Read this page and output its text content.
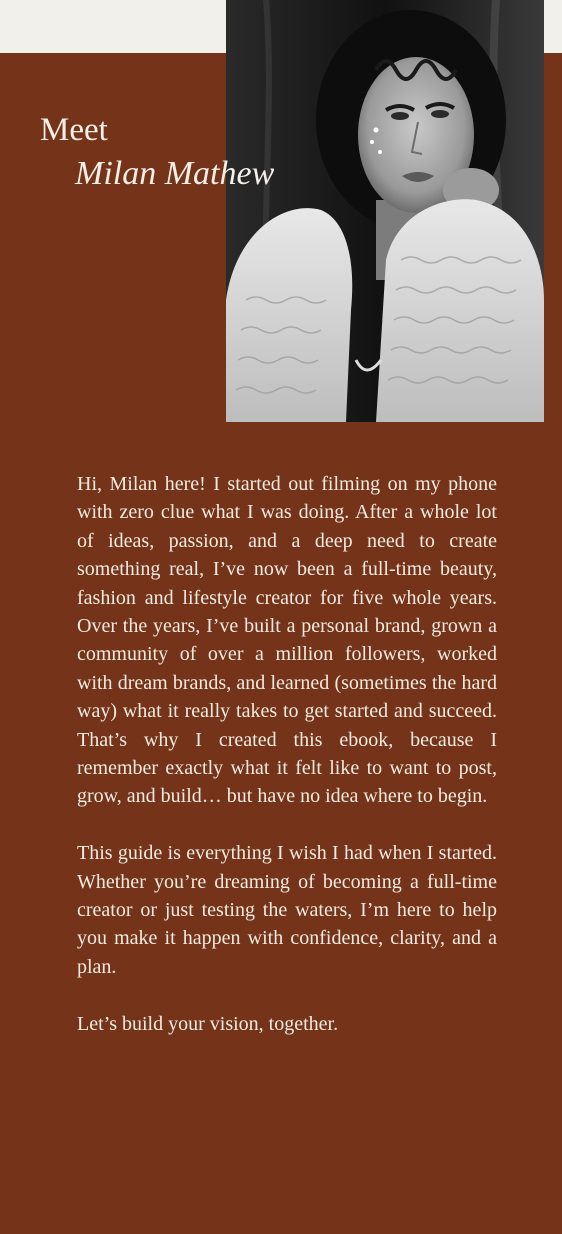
Meet
Milan Mathew

Hi, Milan here! I started out filming on my phone with zero clue what I was doing. After a whole lot of ideas, passion, and a deep need to create something real, I’ve now been a full-time beauty, fashion and lifestyle creator for five whole years. Over the years, I’ve built a personal brand, grown a community of over a million followers, worked with dream brands, and learned (sometimes the hard way) what it really takes to get started and succeed. That’s why I created this ebook, because I remember exactly what it felt like to want to post, grow, and build… but have no idea where to begin.

This guide is everything I wish I had when I started. Whether you’re dreaming of becoming a full-time creator or just testing the waters, I’m here to help you make it happen with confidence, clarity, and a plan.

Let’s build your vision, together.
